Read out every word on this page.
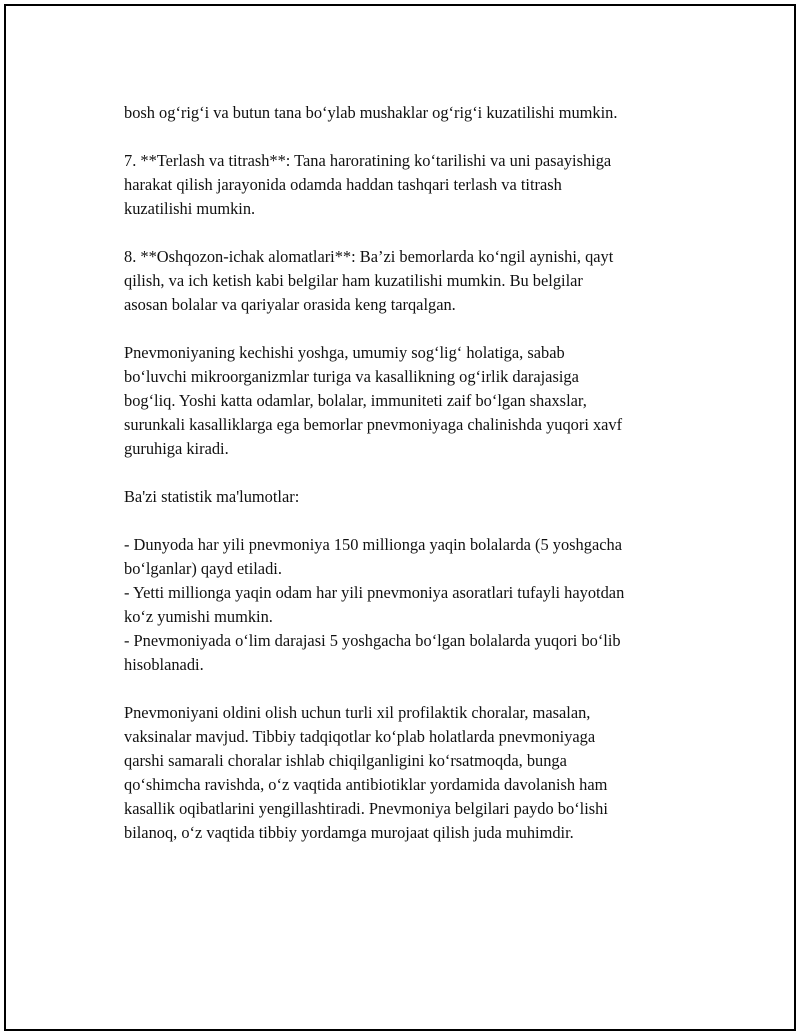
bosh og‘rig‘i va butun tana bo‘ylab mushaklar og‘rig‘i kuzatilishi mumkin.
7. **Terlash va titrash**: Tana haroratining ko‘tarilishi va uni pasayishiga
harakat qilish jarayonida odamda haddan tashqari terlash va titrash
kuzatilishi mumkin.
8. **Oshqozon-ichak alomatlari**: Ba’zi bemorlarda ko‘ngil aynishi, qayt
qilish, va ich ketish kabi belgilar ham kuzatilishi mumkin. Bu belgilar
asosan bolalar va qariyalar orasida keng tarqalgan.
Pnevmoniyaning kechishi yoshga, umumiy sog‘lig‘ holatiga, sabab
bo‘luvchi mikroorganizmlar turiga va kasallikning og‘irlik darajasiga
bog‘liq. Yoshi katta odamlar, bolalar, immuniteti zaif bo‘lgan shaxslar,
surunkali kasalliklarga ega bemorlar pnevmoniyaga chalinishda yuqori xavf
guruhiga kiradi.
Ba'zi statistik ma'lumotlar:
- Dunyoda har yili pnevmoniya 150 millionga yaqin bolalarda (5 yoshgacha
bo‘lganlar) qayd etiladi.
- Yetti millionga yaqin odam har yili pnevmoniya asoratlari tufayli hayotdan
ko‘z yumishi mumkin.
- Pnevmoniyada o‘lim darajasi 5 yoshgacha bo‘lgan bolalarda yuqori bo‘lib
hisoblanadi.
Pnevmoniyani oldini olish uchun turli xil profilaktik choralar, masalan,
vaksinalar mavjud. Tibbiy tadqiqotlar ko‘plab holatlarda pnevmoniyaga
qarshi samarali choralar ishlab chiqilganligini ko‘rsatmoqda, bunga
qo‘shimcha ravishda, o‘z vaqtida antibiotiklar yordamida davolanish ham
kasallik oqibatlarini yengillashtiradi. Pnevmoniya belgilari paydo bo‘lishi
bilanoq, o‘z vaqtida tibbiy yordamga murojaat qilish juda muhimdir.
